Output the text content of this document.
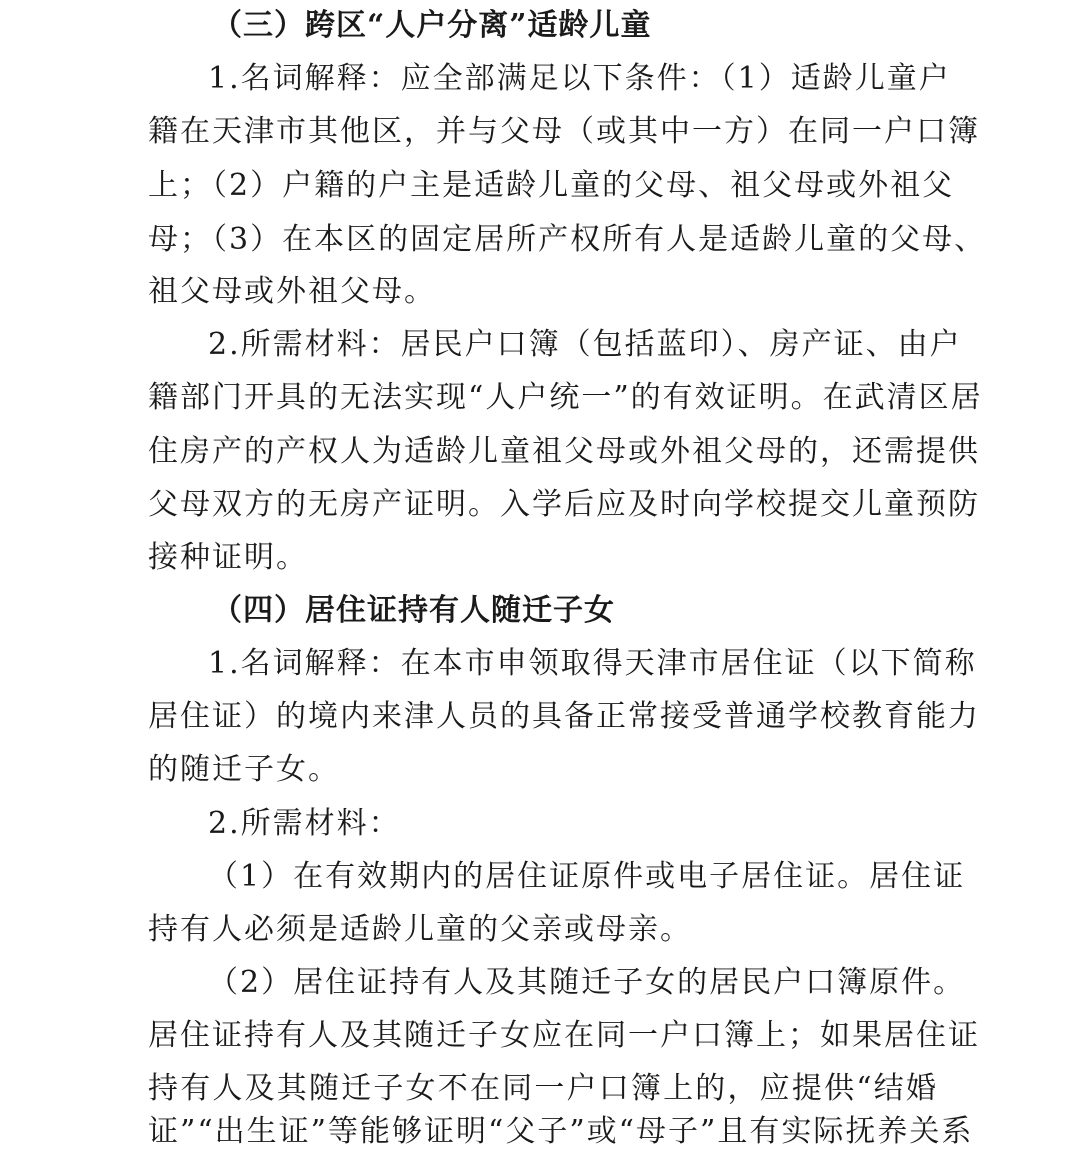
（三）跨区“人户分离”适龄儿童
1.名词解释：应全部满足以下条件：（1）适龄儿童户
籍在天津市其他区，并与父母（或其中一方）在同一户口簿
上；（2）户籍的户主是适龄儿童的父母、祖父母或外祖父
母；（3）在本区的固定居所产权所有人是适龄儿童的父母、
祖父母或外祖父母。
2.所需材料：居民户口簿（包括蓝印）、房产证、由户
籍部门开具的无法实现“人户统一”的有效证明。在武清区居
住房产的产权人为适龄儿童祖父母或外祖父母的，还需提供
父母双方的无房产证明。入学后应及时向学校提交儿童预防
接种证明。
（四）居住证持有人随迁子女
1.名词解释：在本市申领取得天津市居住证（以下简称
居住证）的境内来津人员的具备正常接受普通学校教育能力
的随迁子女。
2.所需材料：
（1）在有效期内的居住证原件或电子居住证。居住证
持有人必须是适龄儿童的父亲或母亲。
（2）居住证持有人及其随迁子女的居民户口簿原件。
居住证持有人及其随迁子女应在同一户口簿上；如果居住证
持有人及其随迁子女不在同一户口簿上的，应提供“结婚
证”“出生证”等能够证明“父子”或“母子”且有实际抚养关系
